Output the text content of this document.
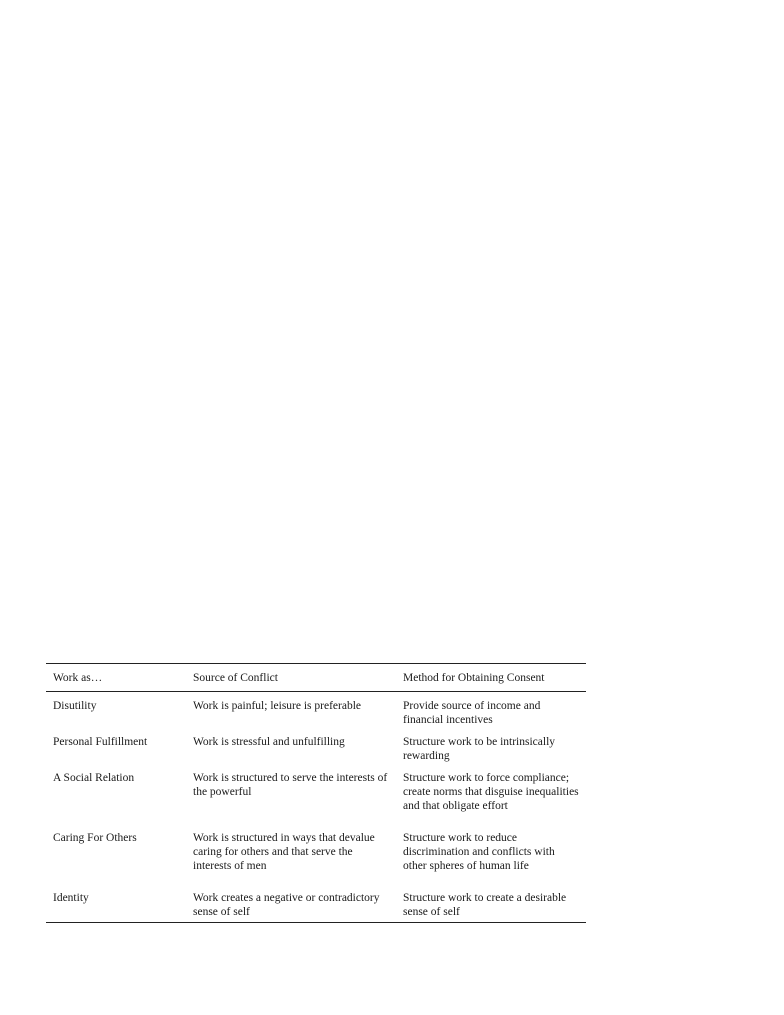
Work as…	Source of Conflict	Method for Obtaining Consent
Disutility	Work is painful; leisure is preferable	Provide source of income and financial incentives
Personal Fulfillment	Work is stressful and unfulfilling	Structure work to be intrinsically rewarding
A Social Relation	Work is structured to serve the interests of the powerful	Structure work to force compliance; create norms that disguise inequalities and that obligate effort
Caring For Others	Work is structured in ways that devalue caring for others and that serve the interests of men	Structure work to reduce discrimination and conflicts with other spheres of human life
Identity	Work creates a negative or contradictory sense of self	Structure work to create a desirable sense of self
